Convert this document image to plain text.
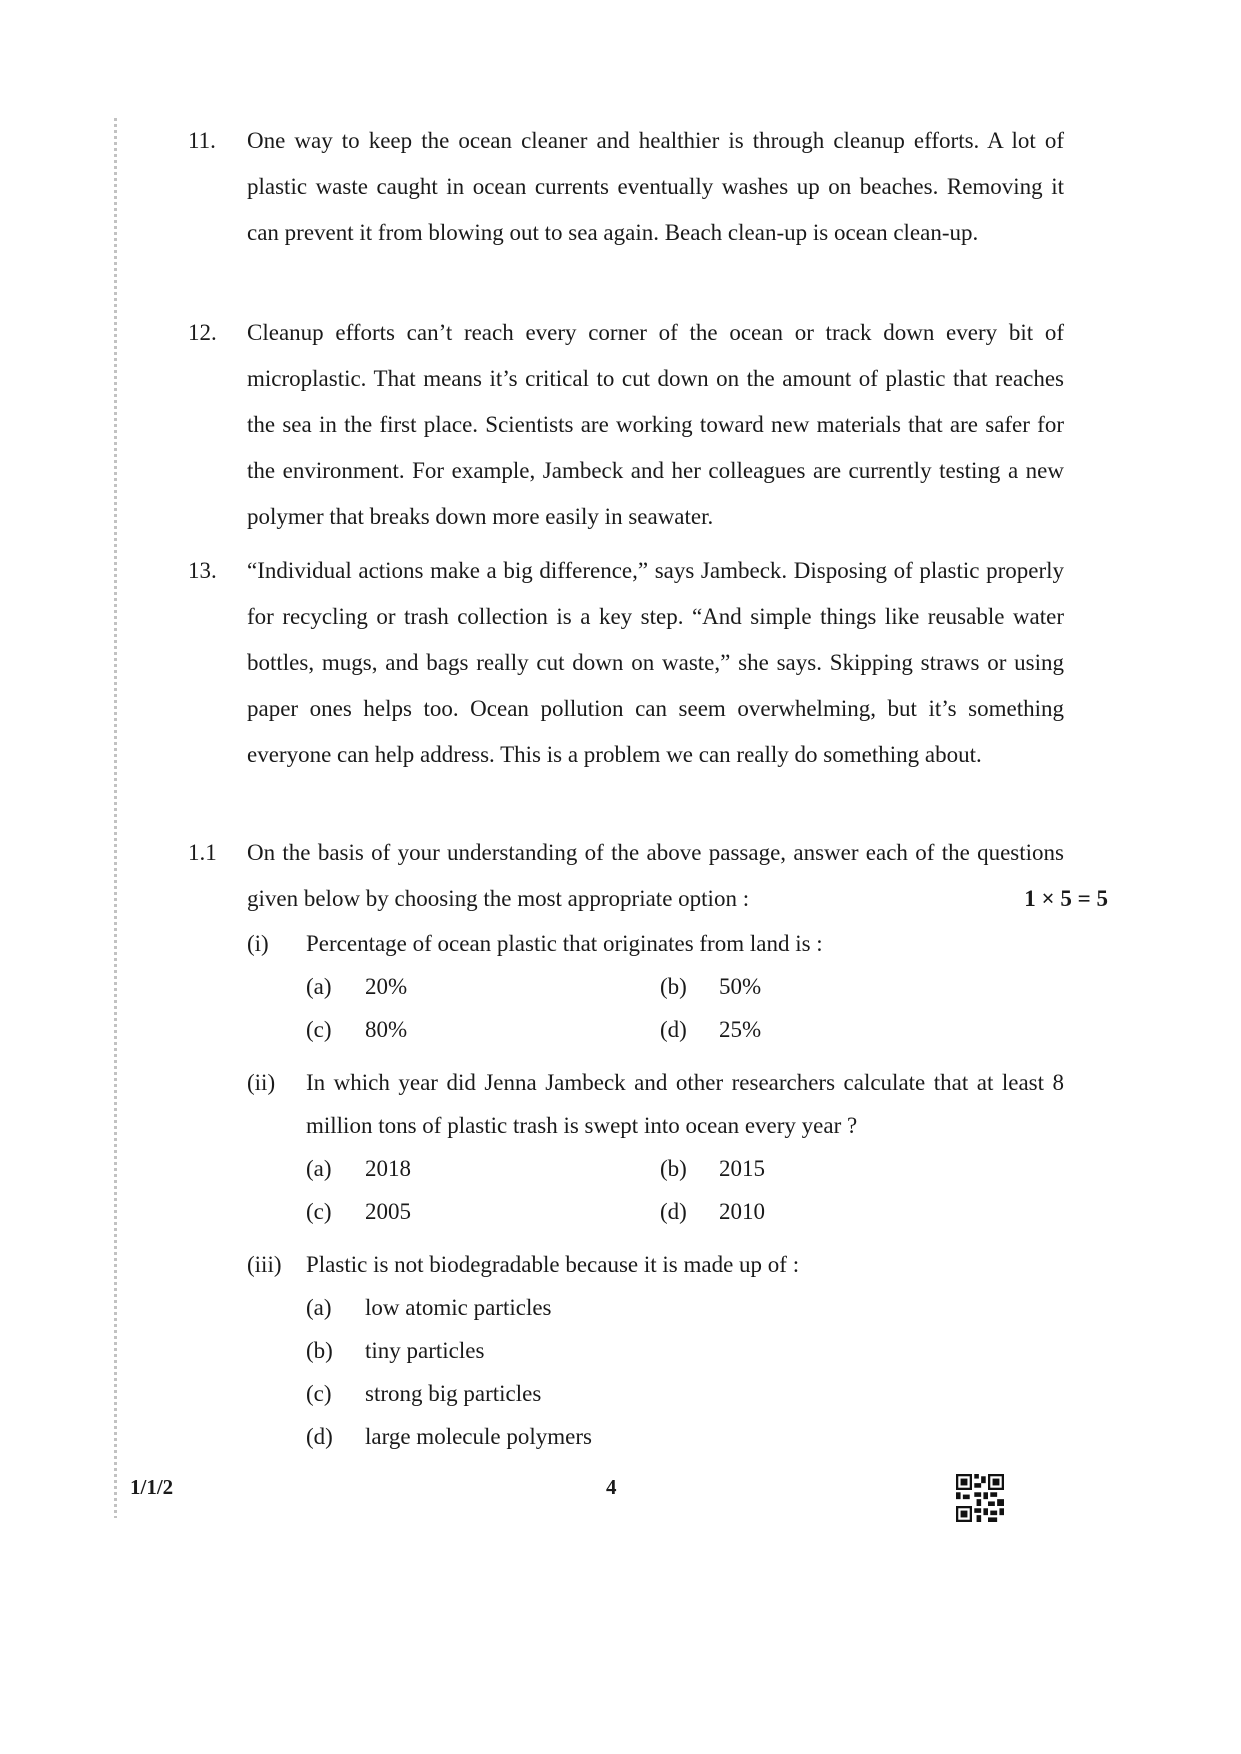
11. One way to keep the ocean cleaner and healthier is through cleanup efforts. A lot of plastic waste caught in ocean currents eventually washes up on beaches. Removing it can prevent it from blowing out to sea again. Beach clean-up is ocean clean-up.
12. Cleanup efforts can’t reach every corner of the ocean or track down every bit of microplastic. That means it’s critical to cut down on the amount of plastic that reaches the sea in the first place. Scientists are working toward new materials that are safer for the environment. For example, Jambeck and her colleagues are currently testing a new polymer that breaks down more easily in seawater.
13. “Individual actions make a big difference,” says Jambeck. Disposing of plastic properly for recycling or trash collection is a key step. “And simple things like reusable water bottles, mugs, and bags really cut down on waste,” she says. Skipping straws or using paper ones helps too. Ocean pollution can seem overwhelming, but it’s something everyone can help address. This is a problem we can really do something about.
1.1 On the basis of your understanding of the above passage, answer each of the questions given below by choosing the most appropriate option :	1 × 5 = 5
(i) Percentage of ocean plastic that originates from land is :
(a)	20%	(b)	50%
(c)	80%	(d)	25%
(ii) In which year did Jenna Jambeck and other researchers calculate that at least 8 million tons of plastic trash is swept into ocean every year ?
(a)	2018	(b)	2015
(c)	2005	(d)	2010
(iii) Plastic is not biodegradable because it is made up of :
(a)	low atomic particles
(b)	tiny particles
(c)	strong big particles
(d)	large molecule polymers
1/1/2	4
